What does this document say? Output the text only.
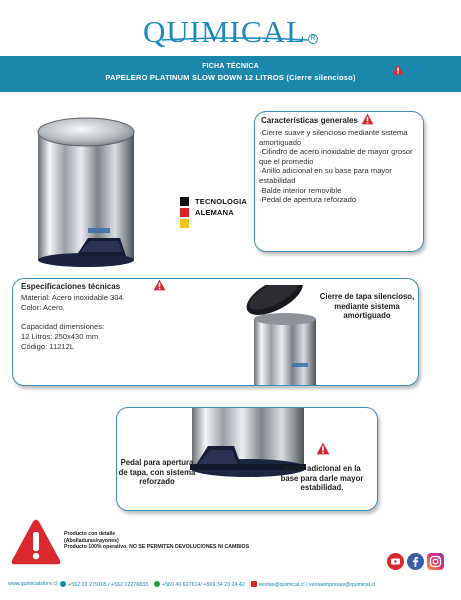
QUIMICAL R
FICHA TÉCNICA
PAPELERO PLATINUM SLOW DOWN 12 LITROS (Cierre silencioso)
TECNOLOGIA
ALEMANA
Características generales
·Cierre suave y silencioso mediante sistema amortiguado
·Cilindro de acero inoxidable de mayor grosor que el promedio
·Anillo adicional en su base para mayor estabilidad
·Balde interior removible
·Pedal de apertura reforzado
Especificaciones técnicas
Material: Acero inoxidable 304.
Color: Acero.
Capacidad dimensiones:
12 Litros: 250x430 mm
Código: 11212L
Cierre de tapa silencioso, mediante sistema amortiguado
Pedal para apertura de tapa, con sistema reforzado
Anillo adicional en la base para darle mayor estabilidad.
Producto con detalle
(Abolladuras/rayones)
Producto 100% operativo. NO SE PERMITEN DEVOLUCIONES NI CAMBIOS
www.quimicalstore.cl	+562 22 279105 / +562 22276833	+569 40 927614/ +569 34 23 24 42	ventas@quimical.cl / ventaempresas@quimical.cl
